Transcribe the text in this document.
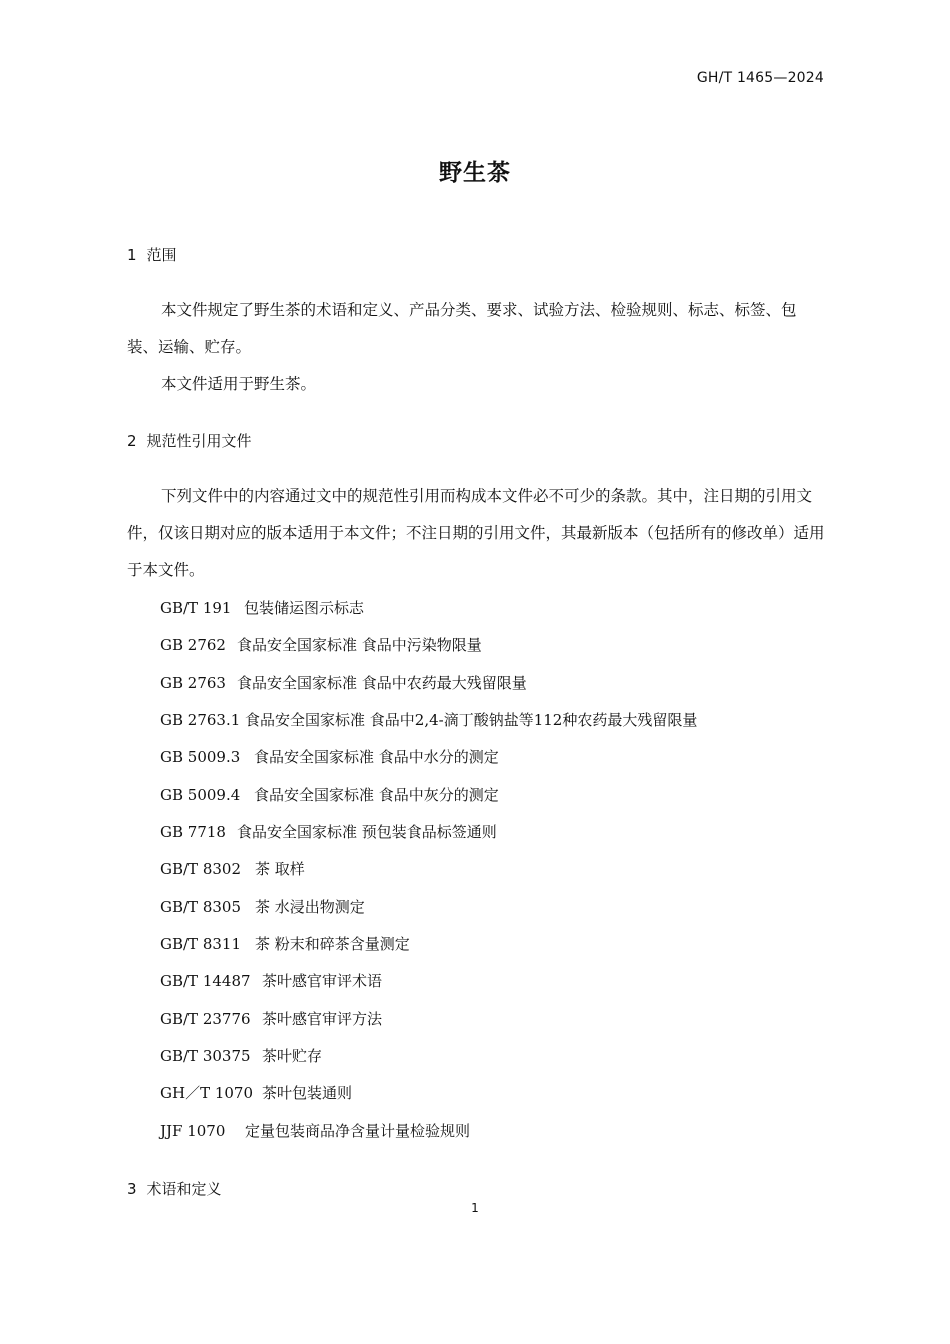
GH/T 1465—2024
野生茶
1 范围

本文件规定了野生茶的术语和定义、产品分类、要求、试验方法、检验规则、标志、标签、包装、运输、贮存。

本文件适用于野生茶。

2 规范性引用文件

下列文件中的内容通过文中的规范性引用而构成本文件必不可少的条款。其中，注日期的引用文件，仅该日期对应的版本适用于本文件；不注日期的引用文件，其最新版本（包括所有的修改单）适用于本文件。

GB/T 191 包装储运图示标志
GB 2762 食品安全国家标准 食品中污染物限量
GB 2763 食品安全国家标准 食品中农药最大残留限量
GB 2763.1 食品安全国家标准 食品中2,4-滴丁酸钠盐等112种农药最大残留限量
GB 5009.3 食品安全国家标准 食品中水分的测定
GB 5009.4 食品安全国家标准 食品中灰分的测定
GB 7718 食品安全国家标准 预包装食品标签通则
GB/T 8302 茶 取样
GB/T 8305 茶 水浸出物测定
GB/T 8311 茶 粉末和碎茶含量测定
GB/T 14487 茶叶感官审评术语
GB/T 23776 茶叶感官审评方法
GB/T 30375 茶叶贮存
GH／T 1070 茶叶包装通则
JJF 1070 定量包装商品净含量计量检验规则
3 术语和定义
1
